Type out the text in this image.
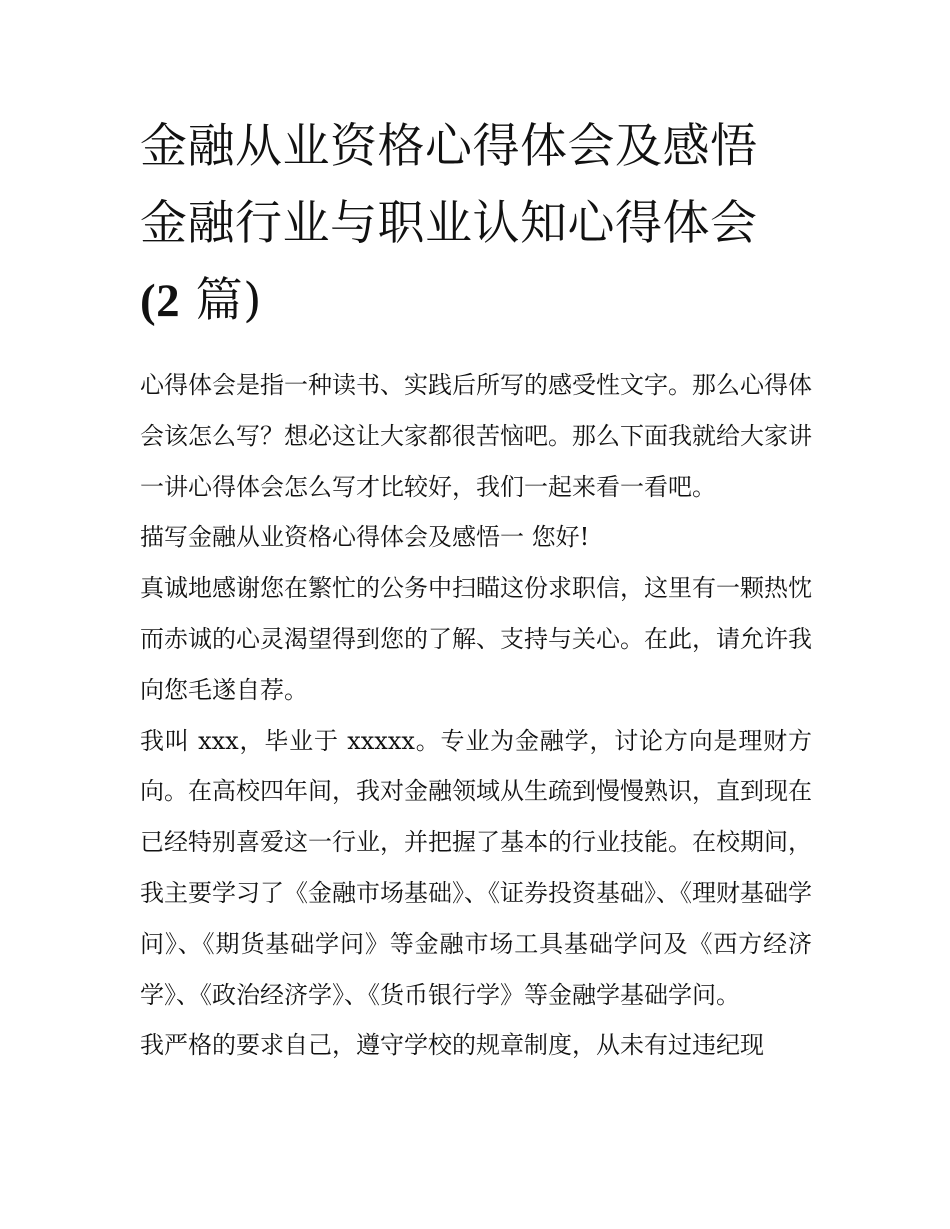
金融从业资格心得体会及感悟
金融行业与职业认知心得体会
(2 篇)

心得体会是指一种读书、实践后所写的感受性文字。那么心得体会该怎么写？想必这让大家都很苦恼吧。那么下面我就给大家讲一讲心得体会怎么写才比较好，我们一起来看一看吧。

描写金融从业资格心得体会及感悟一 您好!

真诚地感谢您在繁忙的公务中扫瞄这份求职信，这里有一颗热忱而赤诚的心灵渴望得到您的了解、支持与关心。在此，请允许我向您毛遂自荐。

我叫 xxx，毕业于 xxxxx。专业为金融学，讨论方向是理财方向。在高校四年间，我对金融领域从生疏到慢慢熟识，直到现在已经特别喜爱这一行业，并把握了基本的行业技能。在校期间，我主要学习了《金融市场基础》、《证券投资基础》、《理财基础学问》、《期货基础学问》等金融市场工具基础学问及《西方经济学》、《政治经济学》、《货币银行学》等金融学基础学问。

我严格的要求自己，遵守学校的规章制度，从未有过违纪现
